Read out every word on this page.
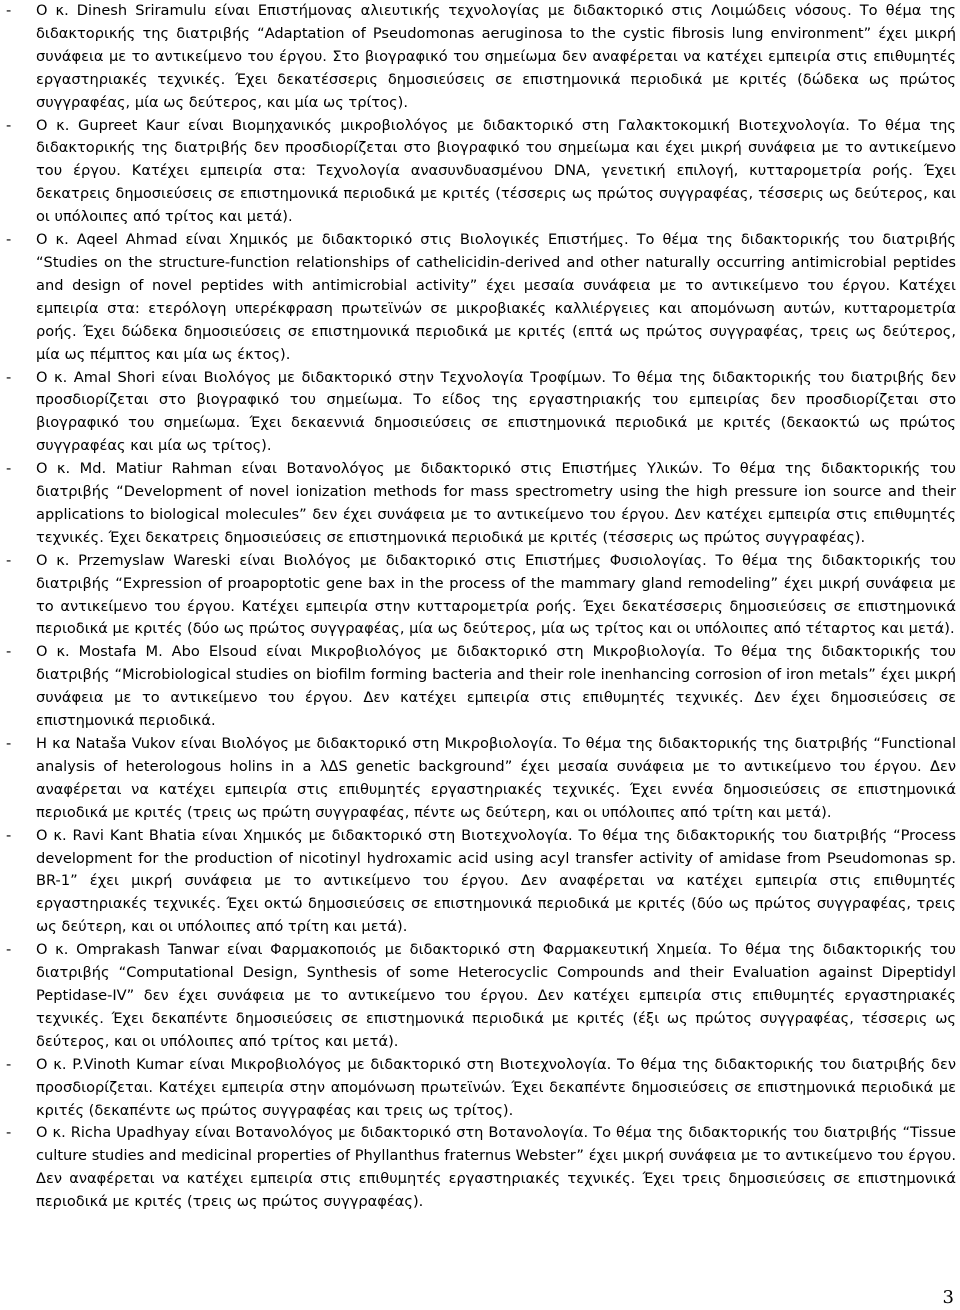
- Ο κ. Dinesh Sriramulu είναι Επιστήμονας αλιευτικής τεχνολογίας με διδακτορικό στις Λοιμώδεις νόσους. Το θέμα της διδακτορικής της διατριβής “Adaptation of Pseudomonas aeruginosa to the cystic fibrosis lung environment” έχει μικρή συνάφεια με το αντικείμενο του έργου. Στο βιογραφικό του σημείωμα δεν αναφέρεται να κατέχει εμπειρία στις επιθυμητές εργαστηριακές τεχνικές. Έχει δεκατέσσερις δημοσιεύσεις σε επιστημονικά περιοδικά με κριτές (δώδεκα ως πρώτος συγγραφέας, μία ως δεύτερος, και μία ως τρίτος).
- Ο κ. Gupreet Kaur είναι Βιομηχανικός μικροβιολόγος με διδακτορικό στη Γαλακτοκομική Βιοτεχνολογία. Το θέμα της διδακτορικής της διατριβής δεν προσδιορίζεται στο βιογραφικό του σημείωμα και έχει μικρή συνάφεια με το αντικείμενο του έργου. Κατέχει εμπειρία στα: Τεχνολογία ανασυνδυασμένου DNA, γενετική επιλογή, κυτταρομετρία ροής. Έχει δεκατρεις δημοσιεύσεις σε επιστημονικά περιοδικά με κριτές (τέσσερις ως πρώτος συγγραφέας, τέσσερις ως δεύτερος, και οι υπόλοιπες από τρίτος και μετά).
- Ο κ. Aqeel Ahmad είναι Χημικός με διδακτορικό στις Βιολογικές Επιστήμες. Το θέμα της διδακτορικής του διατριβής “Studies on the structure-function relationships of cathelicidin-derived and other naturally occurring antimicrobial peptides and design of novel peptides with antimicrobial activity” έχει μεσαία συνάφεια με το αντικείμενο του έργου. Κατέχει εμπειρία στα: ετερόλογη υπερέκφραση πρωτεϊνών σε μικροβιακές καλλιέργειες και απομόνωση αυτών, κυτταρομετρία ροής. Έχει δώδεκα δημοσιεύσεις σε επιστημονικά περιοδικά με κριτές (επτά ως πρώτος συγγραφέας, τρεις ως δεύτερος, μία ως πέμπτος και μία ως έκτος).
- Ο κ. Amal Shori είναι Βιολόγος με διδακτορικό στην Τεχνολογία Τροφίμων. Το θέμα της διδακτορικής του διατριβής δεν προσδιορίζεται στο βιογραφικό του σημείωμα. Το είδος της εργαστηριακής του εμπειρίας δεν προσδιορίζεται στο βιογραφικό του σημείωμα. Έχει δεκαεννιά δημοσιεύσεις σε επιστημονικά περιοδικά με κριτές (δεκαοκτώ ως πρώτος συγγραφέας και μία ως τρίτος).
- Ο κ. Md. Matiur Rahman είναι Βοτανολόγος με διδακτορικό στις Επιστήμες Υλικών. Το θέμα της διδακτορικής του διατριβής “Development of novel ionization methods for mass spectrometry using the high pressure ion source and their applications to biological molecules” δεν έχει συνάφεια με το αντικείμενο του έργου. Δεν κατέχει εμπειρία στις επιθυμητές τεχνικές. Έχει δεκατρεις δημοσιεύσεις σε επιστημονικά περιοδικά με κριτές (τέσσερις ως πρώτος συγγραφέας).
- Ο κ. Przemyslaw Wareski είναι Βιολόγος με διδακτορικό στις Επιστήμες Φυσιολογίας. Το θέμα της διδακτορικής του διατριβής “Expression of proapoptotic gene bax in the process of the mammary gland remodeling” έχει μικρή συνάφεια με το αντικείμενο του έργου. Κατέχει εμπειρία στην κυτταρομετρία ροής. Έχει δεκατέσσερις δημοσιεύσεις σε επιστημονικά περιοδικά με κριτές (δύο ως πρώτος συγγραφέας, μία ως δεύτερος, μία ως τρίτος και οι υπόλοιπες από τέταρτος και μετά).
- Ο κ. Mostafa M. Abo Elsoud είναι Μικροβιολόγος με διδακτορικό στη Μικροβιολογία. Το θέμα της διδακτορικής του διατριβής “Microbiological studies on biofilm forming bacteria and their role inenhancing corrosion of iron metals” έχει μικρή συνάφεια με το αντικείμενο του έργου. Δεν κατέχει εμπειρία στις επιθυμητές τεχνικές. Δεν έχει δημοσιεύσεις σε επιστημονικά περιοδικά.
- Η κα Nataša Vukov είναι Βιολόγος με διδακτορικό στη Μικροβιολογία. Το θέμα της διδακτορικής της διατριβής “Functional analysis of heterologous holins in a λΔS genetic background” έχει μεσαία συνάφεια με το αντικείμενο του έργου. Δεν αναφέρεται να κατέχει εμπειρία στις επιθυμητές εργαστηριακές τεχνικές. Έχει εννέα δημοσιεύσεις σε επιστημονικά περιοδικά με κριτές (τρεις ως πρώτη συγγραφέας, πέντε ως δεύτερη, και οι υπόλοιπες από τρίτη και μετά).
- Ο κ. Ravi Kant Bhatia είναι Χημικός με διδακτορικό στη Βιοτεχνολογία. Το θέμα της διδακτορικής του διατριβής “Process development for the production of nicotinyl hydroxamic acid using acyl transfer activity of amidase from Pseudomonas sp. BR-1” έχει μικρή συνάφεια με το αντικείμενο του έργου. Δεν αναφέρεται να κατέχει εμπειρία στις επιθυμητές εργαστηριακές τεχνικές. Έχει οκτώ δημοσιεύσεις σε επιστημονικά περιοδικά με κριτές (δύο ως πρώτος συγγραφέας, τρεις ως δεύτερη, και οι υπόλοιπες από τρίτη και μετά).
- Ο κ. Omprakash Tanwar είναι Φαρμακοποιός με διδακτορικό στη Φαρμακευτική Χημεία. Το θέμα της διδακτορικής του διατριβής “Computational Design, Synthesis of some Heterocyclic Compounds and their Evaluation against Dipeptidyl Peptidase-IV” δεν έχει συνάφεια με το αντικείμενο του έργου. Δεν κατέχει εμπειρία στις επιθυμητές εργαστηριακές τεχνικές. Έχει δεκαπέντε δημοσιεύσεις σε επιστημονικά περιοδικά με κριτές (έξι ως πρώτος συγγραφέας, τέσσερις ως δεύτερος, και οι υπόλοιπες από τρίτος και μετά).
- Ο κ. P.Vinoth Kumar είναι Μικροβιολόγος με διδακτορικό στη Βιοτεχνολογία. Το θέμα της διδακτορικής του διατριβής δεν προσδιορίζεται. Κατέχει εμπειρία στην απομόνωση πρωτεϊνών. Έχει δεκαπέντε δημοσιεύσεις σε επιστημονικά περιοδικά με κριτές (δεκαπέντε ως πρώτος συγγραφέας και τρεις ως τρίτος).
- Ο κ. Richa Upadhyay είναι Βοτανολόγος με διδακτορικό στη Βοτανολογία. Το θέμα της διδακτορικής του διατριβής “Tissue culture studies and medicinal properties of Phyllanthus fraternus Webster” έχει μικρή συνάφεια με το αντικείμενο του έργου. Δεν αναφέρεται να κατέχει εμπειρία στις επιθυμητές εργαστηριακές τεχνικές. Έχει τρεις δημοσιεύσεις σε επιστημονικά περιοδικά με κριτές (τρεις ως πρώτος συγγραφέας).
3
